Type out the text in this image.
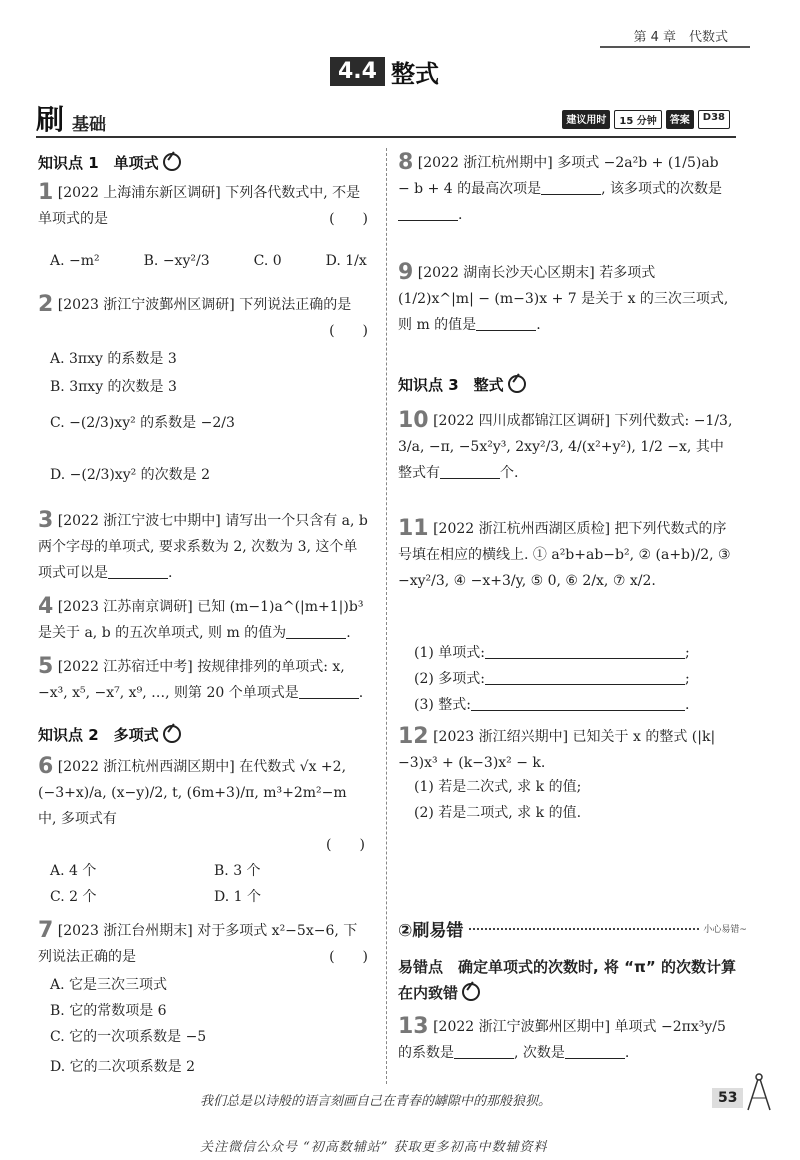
第 4 章　代数式
4.4 整式
刷 基础	建议用时	15 分钟	答案	D38
知识点 1　单项式
1 [2022 上海浦东新区调研] 下列各代数式中, 不是单项式的是	(　　)
A. −m²	B. −xy²/3	C. 0	D. 1/x
2 [2023 浙江宁波鄞州区调研] 下列说法正确的是
(　　)
A. 3πxy 的系数是 3
B. 3πxy 的次数是 3
C. −(2/3)xy² 的系数是 −2/3
D. −(2/3)xy² 的次数是 2
3 [2022 浙江宁波七中期中] 请写出一个只含有 a, b 两个字母的单项式, 要求系数为 2, 次数为 3, 这个单项式可以是	.
4 [2023 江苏南京调研] 已知 (m−1)a^(|m+1|)b³ 是关于 a, b 的五次单项式, 则 m 的值为	.
5 [2022 江苏宿迁中考] 按规律排列的单项式: x, −x³, x⁵, −x⁷, x⁹, …, 则第 20 个单项式是	.
知识点 2　多项式
6 [2022 浙江杭州西湖区期中] 在代数式 √x +2, (−3+x)/a, (x−y)/2, t, (6m+3)/π, m³+2m²−m 中, 多项式有
(　　)
A. 4 个	B. 3 个
C. 2 个	D. 1 个
7 [2023 浙江台州期末] 对于多项式 x²−5x−6, 下列说法正确的是	(　　)
A. 它是三次三项式
B. 它的常数项是 6
C. 它的一次项系数是 −5
D. 它的二次项系数是 2
8 [2022 浙江杭州期中] 多项式 −2a²b + (1/5)ab − b + 4 的最高次项是	, 该多项式的次数是.
9 [2022 湖南长沙天心区期末] 若多项式 (1/2)x^|m| − (m−3)x + 7 是关于 x 的三次三项式, 则 m 的值是	.
知识点 3　整式
10 [2022 四川成都锦江区调研] 下列代数式: −1/3, 3/a, −π, −5x²y³, 2xy²/3, 4/(x²+y²), 1/2 −x, 其中整式有	个.
11 [2022 浙江杭州西湖区质检] 把下列代数式的序号填在相应的横线上. ① a²b+ab−b², ② (a+b)/2, ③ −xy²/3, ④ −x+3/y, ⑤ 0, ⑥ 2/x, ⑦ x/2.
(1) 单项式:	;
(2) 多项式:	;
(3) 整式:	.
12 [2023 浙江绍兴期中] 已知关于 x 的整式 (|k|−3)x³ + (k−3)x² − k.
(1) 若是二次式, 求 k 的值;
(2) 若是二项式, 求 k 的值.
②刷易错	小心易错~
易错点　确定单项式的次数时, 将 “π” 的次数计算在内致错
13 [2022 浙江宁波鄞州区期中] 单项式 −2πx³y/5 的系数是	, 次数是	.
我们总是以诗般的语言刻画自己在青春的罅隙中的那般狼狈。	53
关注微信公众号 “初高数辅站” 获取更多初高中数辅资料
